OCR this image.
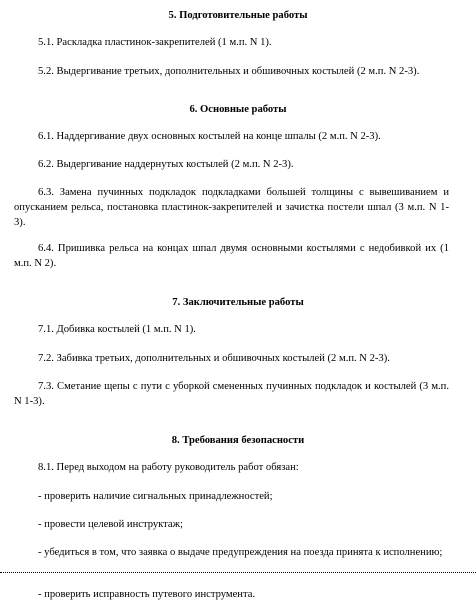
5. Подготовительные работы
5.1. Раскладка пластинок-закрепителей (1 м.п. N 1).
5.2. Выдергивание третьих, дополнительных и обшивочных костылей (2 м.п. N 2-3).
6. Основные работы
6.1. Наддергивание двух основных костылей на конце шпалы (2 м.п. N 2-3).
6.2. Выдергивание наддернутых костылей (2 м.п. N 2-3).
6.3. Замена пучинных подкладок подкладками большей толщины с вывешиванием и опусканием рельса, постановка пластинок-закрепителей и зачистка постели шпал (3 м.п. N 1-3).
6.4. Пришивка рельса на концах шпал двумя основными костылями с недобивкой их (1 м.п. N 2).
7. Заключительные работы
7.1. Добивка костылей (1 м.п. N 1).
7.2. Забивка третьих, дополнительных и обшивочных костылей (2 м.п. N 2-3).
7.3. Сметание щепы с пути с уборкой смененных пучинных подкладок и костылей (3 м.п. N 1-3).
8. Требования безопасности
8.1. Перед выходом на работу руководитель работ обязан:
- проверить наличие сигнальных принадлежностей;
- провести целевой инструктаж;
- убедиться в том, что заявка о выдаче предупреждения на поезда принята к исполнению;
- проверить исправность путевого инструмента.
